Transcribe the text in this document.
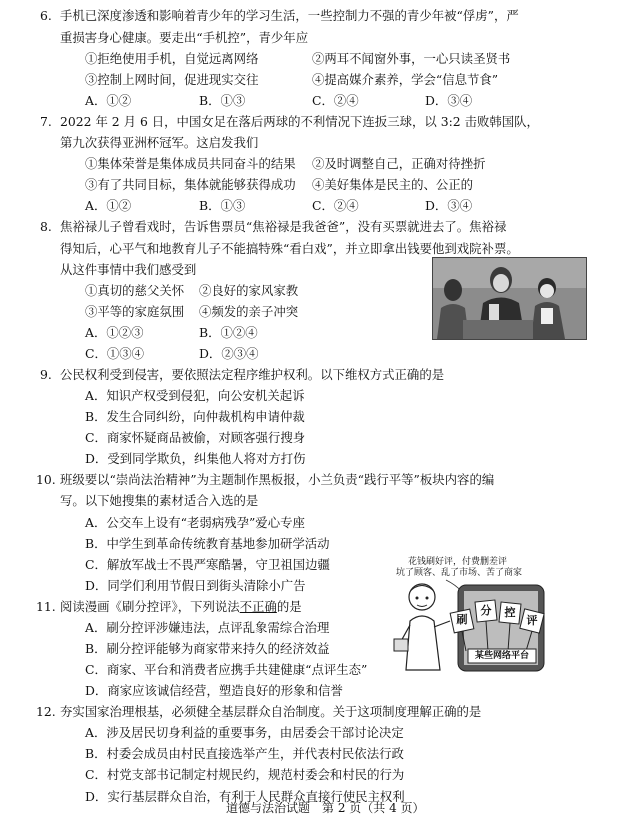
6. 手机已深度渗透和影响着青少年的学习生活，一些控制力不强的青少年被“俘虏”，严
重损害身心健康。要走出“手机控”，青少年应
①拒绝使用手机，自觉远离网络	②两耳不闻窗外事，一心只读圣贤书
③控制上网时间，促进现实交往	④提高媒介素养，学会“信息节食”
A．①②	B．①③	C．②④	D．③④
7. 2022 年 2 月 6 日，中国女足在落后两球的不利情况下连扳三球，以 3:2 击败韩国队，
第九次获得亚洲杯冠军。这启发我们
①集体荣誉是集体成员共同奋斗的结果 ②及时调整自己，正确对待挫折
③有了共同目标，集体就能够获得成功 ④美好集体是民主的、公正的
A．①②	B．①③	C．②④	D．③④
8. 焦裕禄儿子曾看戏时，告诉售票员“焦裕禄是我爸爸”，没有买票就进去了。焦裕禄
得知后，心平气和地教育儿子不能搞特殊“看白戏”，并立即拿出钱要他到戏院补票。
从这件事情中我们感受到
①真切的慈父关怀 ②良好的家风家教
③平等的家庭氛围 ④频发的亲子冲突
A．①②③	B．①②④
C．①③④	D．②③④
9. 公民权利受到侵害，要依照法定程序维护权利。以下维权方式正确的是
A．知识产权受到侵犯，向公安机关起诉
B．发生合同纠纷，向仲裁机构申请仲裁
C．商家怀疑商品被偷，对顾客强行搜身
D．受到同学欺负，纠集他人将对方打伤
10. 班级要以“崇尚法治精神”为主题制作黑板报，小兰负责“践行平等”板块内容的编
写。以下她搜集的素材适合入选的是
A．公交车上设有“老弱病残孕”爱心专座
B．中学生到革命传统教育基地参加研学活动
C．解放军战士不畏严寒酷暑，守卫祖国边疆
D．同学们利用节假日到街头清除小广告
11. 阅读漫画《刷分控评》，下列说法不正确的是
A．刷分控评涉嫌违法，点评乱象需综合治理
B．刷分控评能够为商家带来持久的经济效益
C．商家、平台和消费者应携手共建健康“点评生态”
D．商家应该诚信经营，塑造良好的形象和信誉
花钱刷好评，付费删差评
坑了顾客、乱了市场、苦了商家
刷
分 控
评
某些网络平台
12. 夯实国家治理根基，必须健全基层群众自治制度。关于这项制度理解正确的是
A．涉及居民切身利益的重要事务，由居委会干部讨论决定
B．村委会成员由村民直接选举产生，并代表村民依法行政
C．村党支部书记制定村规民约，规范村委会和村民的行为
D．实行基层群众自治，有利于人民群众直接行使民主权利
道德与法治试题　第 2 页（共 4 页）
